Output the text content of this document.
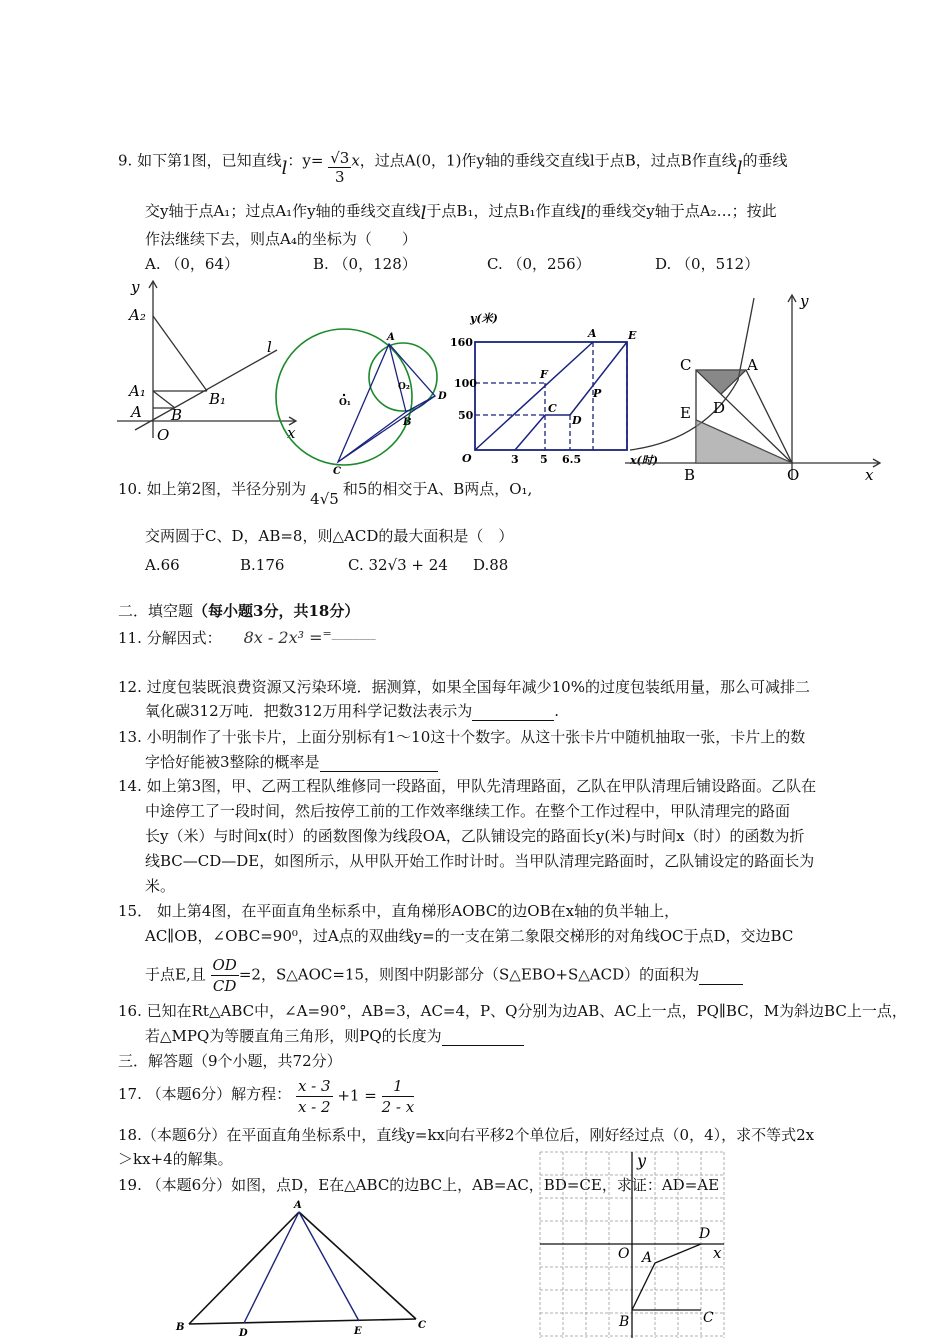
9. 如下第1图，已知直线l：$y= \frac{√3}{3}$ x，过点A(0，1)作y轴的垂线交直线l于点B，过点B作直线l的垂线
交y轴于点A₁；过点A₁作y轴的垂线交直线l于点B₁，过点B₁作直线l的垂线交y轴于点A₂…；按此
作法继续下去，则点A₄的坐标为（　　）
A. （0，64）	B. （0，128）	C. （0，256）	D. （0，512）
y
x
A₂
A₁
A B
B₁
O
l
A
B
C
D
O₁
O₂
y(米)
x(时)
A	E
F
C
D
P
O
160
100
50
3 5 6.5
C	A
E D
B	O
y
x
10. 如上第2图，半径分别为4√5和5的相交于A、B两点，O₁,
交两圆于C、D，AB=8，则△ACD的最大面积是（　）
A.66	B.176	C. 32√3 + 24 D.88
二．填空题（每小题3分，共18分）
11. 分解因式： 8x - 2x³ ==________
12. 过度包装既浪费资源又污染环境．据测算，如果全国每年减少10%的过度包装纸用量，那么可减排二
氧化碳312万吨．把数312万用科学记数法表示为	.
13. 小明制作了十张卡片，上面分别标有1～10这十个数字。从这十张卡片中随机抽取一张，卡片上的数
字恰好能被3整除的概率是
14. 如上第3图，甲、乙两工程队维修同一段路面，甲队先清理路面，乙队在甲队清理后铺设路面。乙队在
中途停工了一段时间，然后按停工前的工作效率继续工作。在整个工作过程中，甲队清理完的路面
长y（米）与时间x(时）的函数图像为线段OA，乙队铺设完的路面长y(米)与时间x（时）的函数为折
线BC—CD—DE，如图所示，从甲队开始工作时计时。当甲队清理完路面时，乙队铺设定的路面长为
米。
15． 如上第4图，在平面直角坐标系中，直角梯形AOBC的边OB在x轴的负半轴上，
AC∥OB，∠OBC=90⁰，过A点的双曲线y=的一支在第二象限交梯形的对角线OC于点D，交边BC
于点E,且 $\frac{OD}{CD} =2$，S△AOC=15，则图中阴影部分（S△EBO+S△ACD）的面积为
16. 已知在Rt△ABC中，∠A=90°，AB=3，AC=4，P、Q分别为边AB、AC上一点，PQ∥BC，M为斜边BC上一点，
若△MPQ为等腰直角三角形，则PQ的长度为
三．解答题（9个小题，共72分）
17. （本题6分）解方程： $\frac{x - 3}{x - 2} +1 = \frac{1}{2 - x}$
18.（本题6分）在平面直角坐标系中，直线y=kx向右平移2个单位后，刚好经过点（0，4），求不等式2x
＞kx+4的解集。
19. （本题6分）如图，点D，E在△ABC的边BC上，AB=AC，BD=CE，求证：AD=AE
A
B	C
D	E
y
x
O A
D
B	C
